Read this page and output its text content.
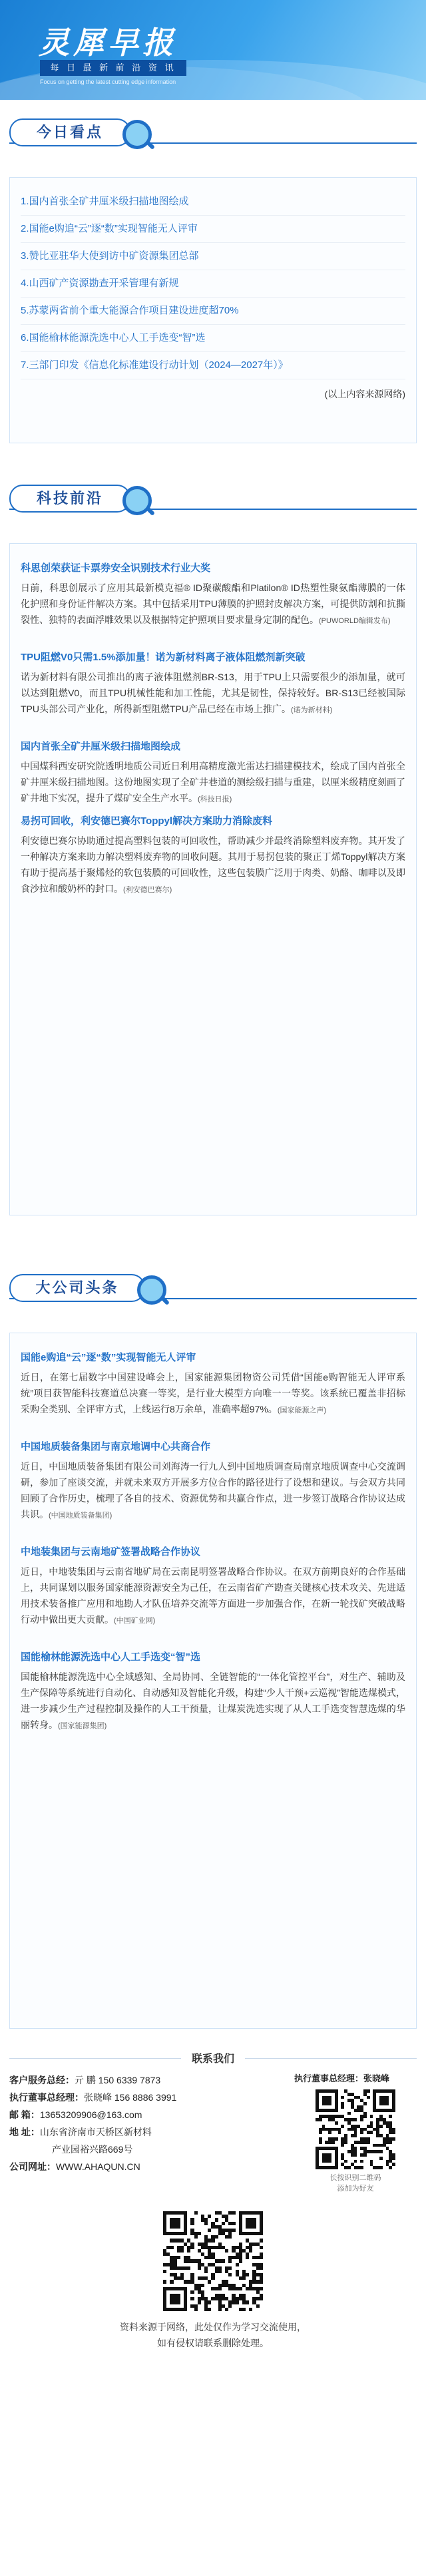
灵犀早报
每 日 最 新 前 沿 资 讯
Focus on getting the latest cutting edge information
今日看点
1.国内首张全矿井厘米级扫描地图绘成
2.国能e购追“云”逐“数”实现智能无人评审
3.赞比亚驻华大使到访中矿资源集团总部
4.山西矿产资源勘查开采管理有新规
5.苏蒙两省前个重大能源合作项目建设进度超70%
6.国能榆林能源洗选中心人工手选变“智”选
7.三部门印发《信息化标准建设行动计划（2024—2027年）》
(以上内容来源网络)
科技前沿
科思创荣获证卡票券安全识别技术行业大奖
日前，科思创展示了应用其最新模克福® ID聚碳酸酯和Platilon® ID热塑性聚氨酯薄膜的一体化护照和身份证件解决方案。其中包括采用TPU薄膜的护照封皮解决方案，可提供防割和抗撕裂性、独特的表面浮雕效果以及根据特定护照项目要求量身定制的配色。(PUWORLD编辑发布)
TPU阻燃V0只需1.5%添加量！诺为新材料离子液体阻燃剂新突破
诺为新材料有限公司推出的离子液体阻燃剂BR-S13，用于TPU上只需要很少的添加量，就可以达到阻燃V0，而且TPU机械性能和加工性能，尤其是韧性，保持较好。BR-S13已经被国际TPU头部公司产业化，所得新型阻燃TPU产品已经在市场上推广。(诺为新材料)
国内首张全矿井厘米级扫描地图绘成
中国煤科西安研究院透明地质公司近日利用高精度激光雷达扫描建模技术，绘成了国内首张全矿井厘米级扫描地图。这份地图实现了全矿井巷道的测绘级扫描与重建，以厘米级精度刻画了矿井地下实况，提升了煤矿安全生产水平。(科技日报)
易拐可回收，利安德巴赛尔Toppyl解决方案助力消除废料
利安德巴赛尔协助通过提高塑料包装的可回收性，帮助减少并最终消除塑料废弃物。其开发了一种解决方案来助力解决塑料废弃物的回收问题。其用于易拐包装的聚正丁烯Toppyl解决方案有助于提高基于聚烯烃的软包装膜的可回收性，这些包装膜广泛用于肉类、奶酪、咖啡以及即食沙拉和酸奶杯的封口。(利安德巴赛尔)
大公司头条
国能e购追“云”逐“数”实现智能无人评审
近日，在第七届数字中国建设峰会上，国家能源集团物资公司凭借“国能e购智能无人评审系统”项目获智能科技赛道总决赛一等奖，是行业大模型方向唯一一等奖。该系统已覆盖非招标采购全类别、全评审方式，上线运行8万余单，准确率超97%。(国家能源之声)
中国地质装备集团与南京地调中心共商合作
近日，中国地质装备集团有限公司刘海涛一行九人到中国地质调查局南京地质调查中心交流调研，参加了座谈交流，并就未来双方开展多方位合作的路径进行了设想和建议。与会双方共同回顾了合作历史，梳理了各自的技术、资源优势和共赢合作点，进一步签订战略合作协议达成共识。(中国地质装备集团)
中地装集团与云南地矿签署战略合作协议
近日，中地装集团与云南省地矿局在云南昆明签署战略合作协议。在双方前期良好的合作基础上，共同谋划以服务国家能源资源安全为己任，在云南省矿产勘查关键核心技术攻关、先进适用技术装备推广应用和地勘人才队伍培养交流等方面进一步加强合作，在新一轮找矿突破战略行动中做出更大贡献。(中国矿业网)
国能榆林能源洗选中心人工手选变“智”选
国能榆林能源洗选中心全域感知、全局协同、全链智能的“一体化管控平台”，对生产、辅助及生产保障等系统进行自动化、自动感知及智能化升级，构建“少人干预+云巡视”智能选煤模式，进一步减少生产过程控制及操作的人工干预量，让煤炭洗选实现了从人工手选变智慧选煤的华丽转身。(国家能源集团)
联系我们
客户服务总经：亓 鹏 150 6339 7873
执行董事总经理：张晓峰 156 8886 3991
邮 箱：13653209906@163.com
地 址：山东省济南市天桥区新材料
产业园裕兴路669号
公司网址：WWW.AHAQUN.CN
执行董事总经理：张晓峰
长按识别二维码
添加为好友
资料来源于网络，此处仅作为学习交流使用，
如有侵权请联系删除处理。
